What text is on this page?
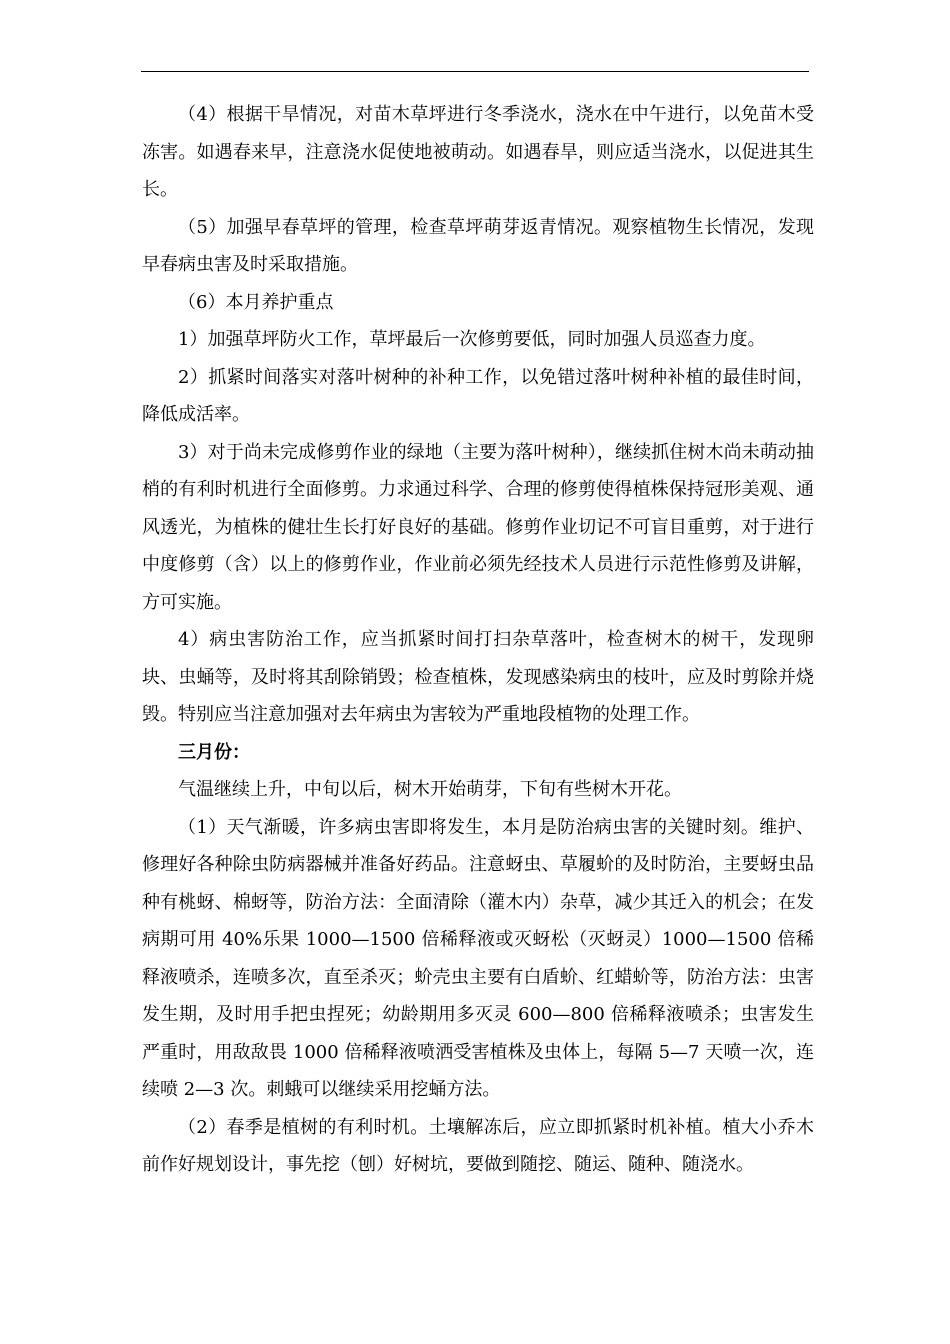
（4）根据干旱情况，对苗木草坪进行冬季浇水，浇水在中午进行，以免苗木受冻害。如遇春来早，注意浇水促使地被萌动。如遇春旱，则应适当浇水，以促进其生长。

（5）加强早春草坪的管理，检查草坪萌芽返青情况。观察植物生长情况，发现早春病虫害及时采取措施。

（6）本月养护重点

1）加强草坪防火工作，草坪最后一次修剪要低，同时加强人员巡查力度。

2）抓紧时间落实对落叶树种的补种工作，以免错过落叶树种补植的最佳时间，降低成活率。

3）对于尚未完成修剪作业的绿地（主要为落叶树种），继续抓住树木尚未萌动抽梢的有利时机进行全面修剪。力求通过科学、合理的修剪使得植株保持冠形美观、通风透光，为植株的健壮生长打好良好的基础。修剪作业切记不可盲目重剪，对于进行中度修剪（含）以上的修剪作业，作业前必须先经技术人员进行示范性修剪及讲解，方可实施。

4）病虫害防治工作，应当抓紧时间打扫杂草落叶，检查树木的树干，发现卵块、虫蛹等，及时将其刮除销毁；检查植株，发现感染病虫的枝叶，应及时剪除并烧毁。特别应当注意加强对去年病虫为害较为严重地段植物的处理工作。

三月份：

气温继续上升，中旬以后，树木开始萌芽，下旬有些树木开花。

（1）天气渐暖，许多病虫害即将发生，本月是防治病虫害的关键时刻。维护、修理好各种除虫防病器械并准备好药品。注意蚜虫、草履蚧的及时防治，主要蚜虫品种有桃蚜、棉蚜等，防治方法：全面清除（灌木内）杂草，减少其迁入的机会；在发病期可用 40%乐果 1000—1500 倍稀释液或灭蚜松（灭蚜灵）1000—1500 倍稀释液喷杀，连喷多次，直至杀灭；蚧壳虫主要有白盾蚧、红蜡蚧等，防治方法：虫害发生期，及时用手把虫捏死；幼龄期用多灭灵 600—800 倍稀释液喷杀；虫害发生严重时，用敌敌畏 1000 倍稀释液喷洒受害植株及虫体上，每隔 5—7 天喷一次，连续喷 2—3 次。刺蛾可以继续采用挖蛹方法。

（2）春季是植树的有利时机。土壤解冻后，应立即抓紧时机补植。植大小乔木前作好规划设计，事先挖（刨）好树坑，要做到随挖、随运、随种、随浇水。
